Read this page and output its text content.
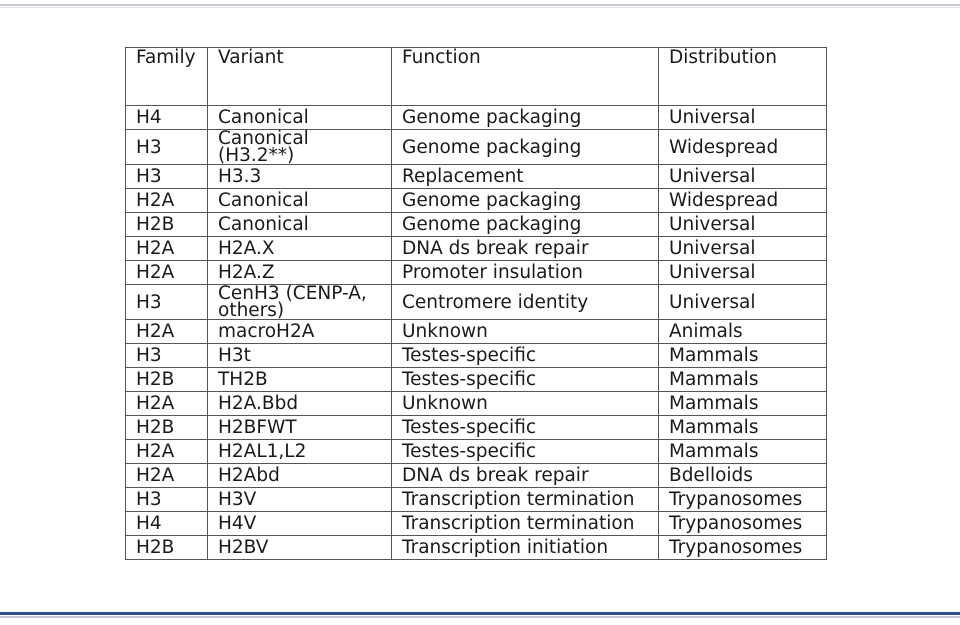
Family	Variant	Function	Distribution
H4	Canonical	Genome packaging	Universal
H3	Canonical (H3.2**)	Genome packaging	Widespread
H3	H3.3	Replacement	Universal
H2A	Canonical	Genome packaging	Widespread
H2B	Canonical	Genome packaging	Universal
H2A	H2A.X	DNA ds break repair	Universal
H2A	H2A.Z	Promoter insulation	Universal
H3	CenH3 (CENP-A, others)	Centromere identity	Universal
H2A	macroH2A	Unknown	Animals
H3	H3t	Testes-specific	Mammals
H2B	TH2B	Testes-specific	Mammals
H2A	H2A.Bbd	Unknown	Mammals
H2B	H2BFWT	Testes-specific	Mammals
H2A	H2AL1,L2	Testes-specific	Mammals
H2A	H2Abd	DNA ds break repair	Bdelloids
H3	H3V	Transcription termination	Trypanosomes
H4	H4V	Transcription termination	Trypanosomes
H2B	H2BV	Transcription initiation	Trypanosomes
